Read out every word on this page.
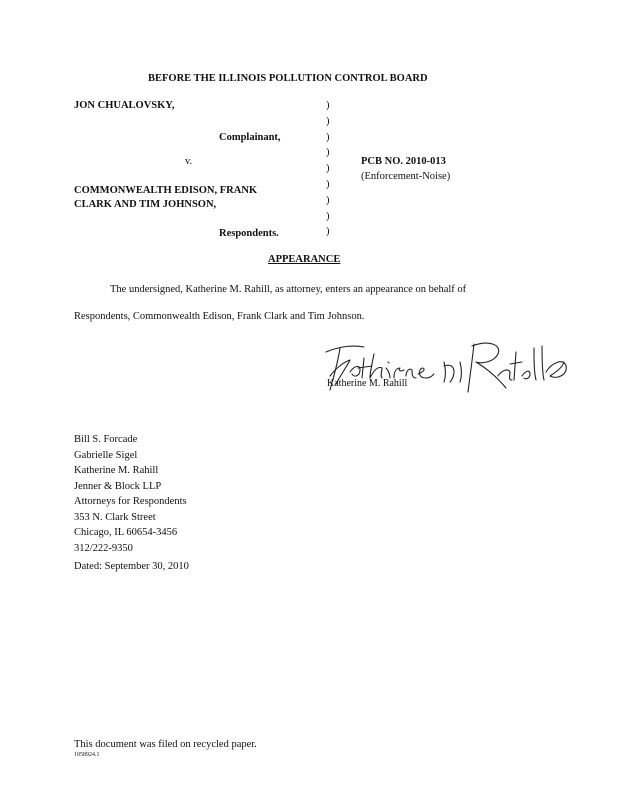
BEFORE THE ILLINOIS POLLUTION CONTROL BOARD
JON CHUALOVSKY,
Complainant,
v.
COMMONWEALTH EDISON, FRANK
CLARK AND TIM JOHNSON,
Respondents.
)
)
)
)
)
)
)
)
)
PCB NO. 2010-013
(Enforcement-Noise)
APPEARANCE
The undersigned, Katherine M. Rahill, as attorney, enters an appearance on behalf of
Respondents, Commonwealth Edison, Frank Clark and Tim Johnson.
Katherine M. Rahill
Bill S. Forcade
Gabrielle Sigel
Katherine M. Rahill
Jenner & Block LLP
Attorneys for Respondents
353 N. Clark Street
Chicago, IL 60654-3456
312/222-9350
Dated: September 30, 2010
This document was filed on recycled paper.
1058924.1
